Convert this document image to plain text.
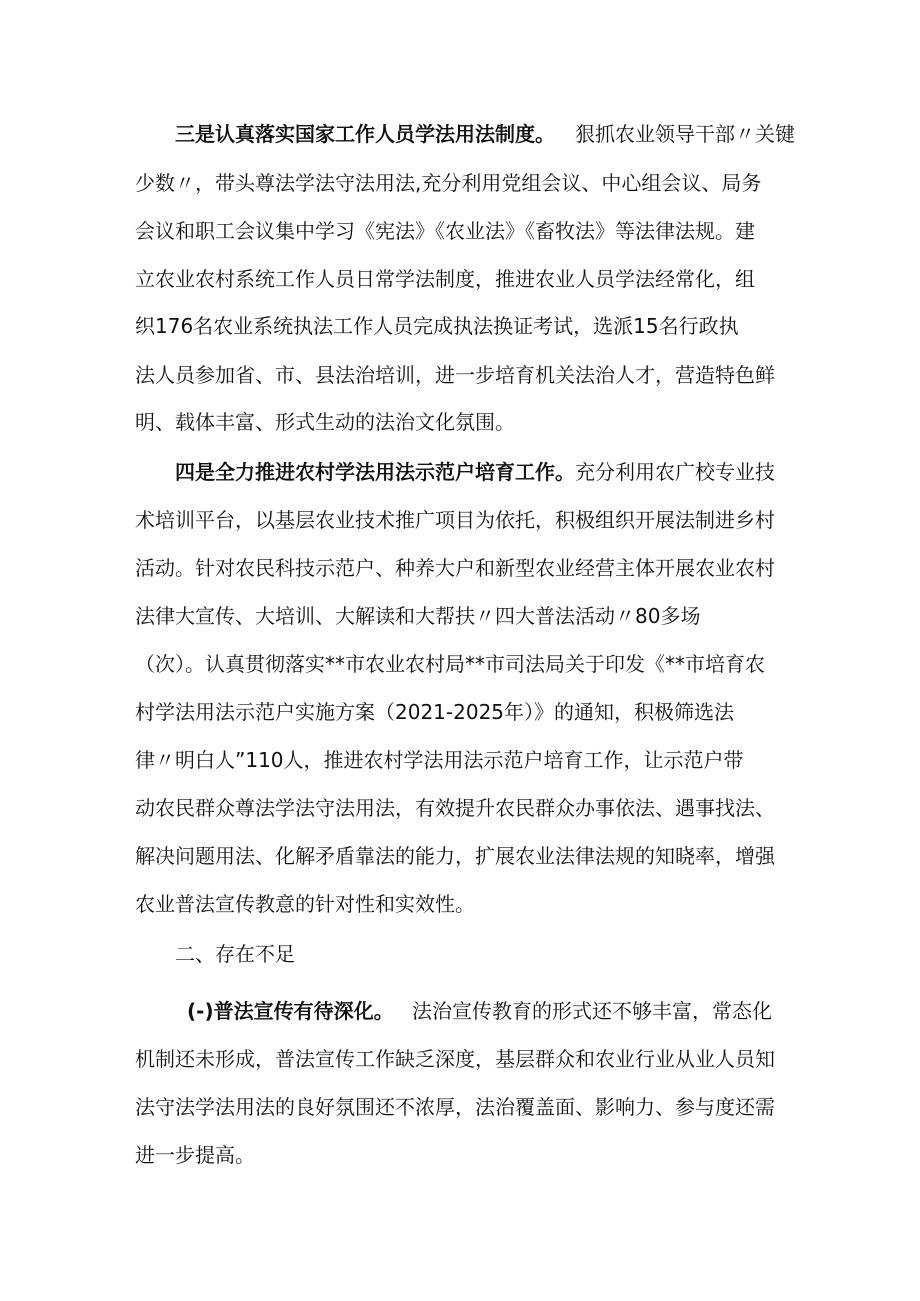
三是认真落实国家工作人员学法用法制度。 狠抓农业领导干部〃关键
少数〃，带头尊法学法守法用法,充分利用党组会议、中心组会议、局务
会议和职工会议集中学习《宪法》《农业法》《畜牧法》等法律法规。建
立农业农村系统工作人员日常学法制度，推进农业人员学法经常化，组
织176名农业系统执法工作人员完成执法换证考试，选派15名行政执
法人员参加省、市、县法治培训，进一步培育机关法治人才，营造特色鲜
明、载体丰富、形式生动的法治文化氛围。
四是全力推进农村学法用法示范户培育工作。 充分利用农广校专业技
术培训平台，以基层农业技术推广项目为依托，积极组织开展法制进乡村
活动。针对农民科技示范户、种养大户和新型农业经营主体开展农业农村
法律大宣传、大培训、大解读和大帮扶〃四大普法活动〃80多场
（次）。认真贯彻落实**市农业农村局**市司法局关于印发《**市培育农
村学法用法示范户实施方案（2021-2025年）》的通知，积极筛选法
律〃明白人”110人，推进农村学法用法示范户培育工作，让示范户带
动农民群众尊法学法守法用法，有效提升农民群众办事依法、遇事找法、
解决问题用法、化解矛盾靠法的能力，扩展农业法律法规的知晓率，增强
农业普法宣传教意的针对性和实效性。
二、存在不足
(-)普法宣传有待深化。 法治宣传教育的形式还不够丰富，常态化
机制还未形成，普法宣传工作缺乏深度，基层群众和农业行业从业人员知
法守法学法用法的良好氛围还不浓厚，法治覆盖面、影响力、参与度还需
进一步提高。
